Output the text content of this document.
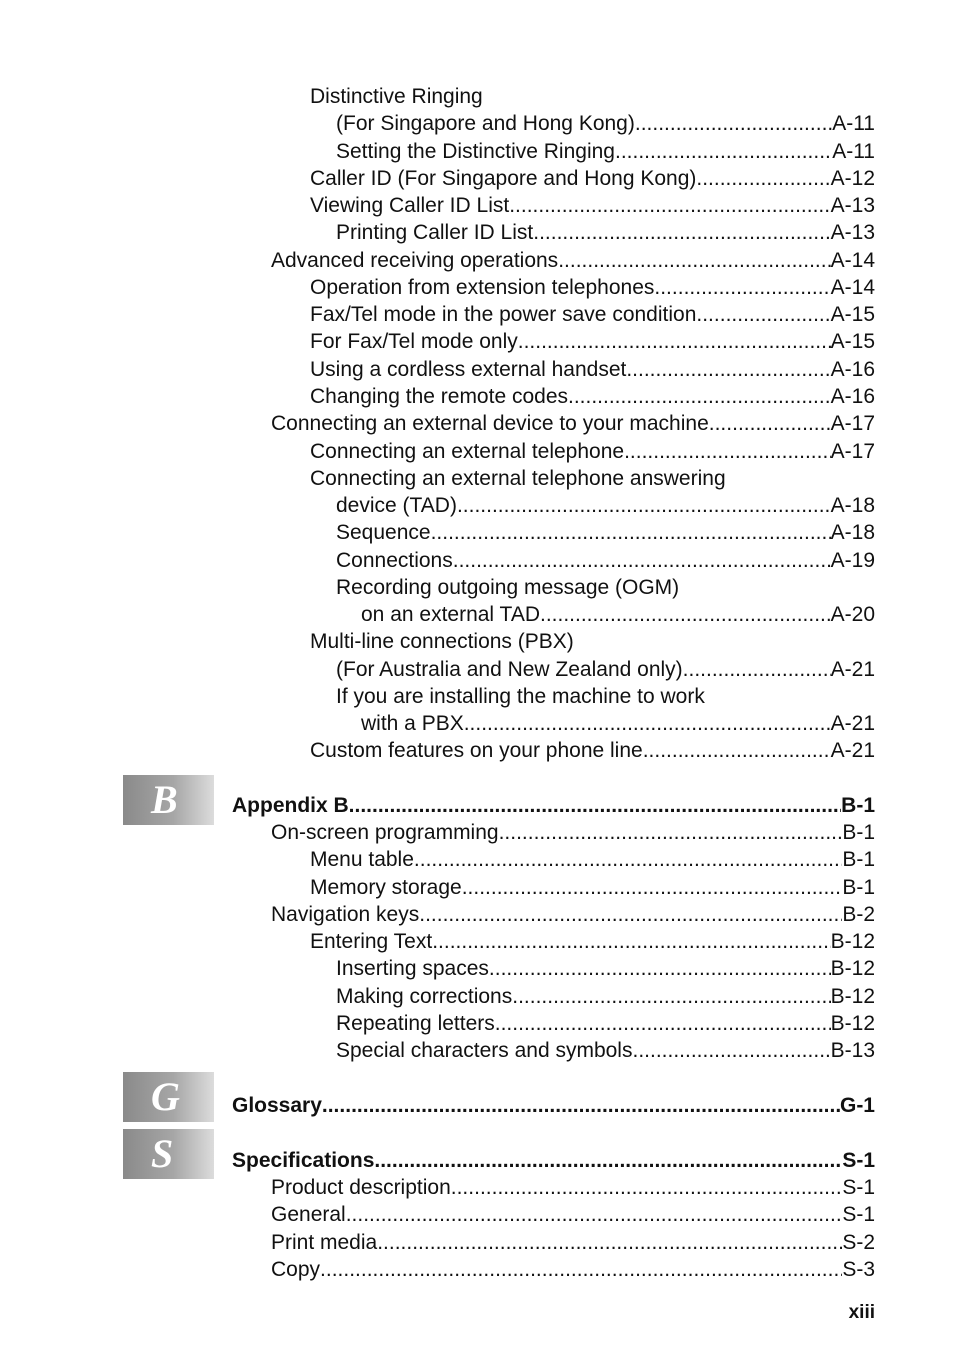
B
G
S
Distinctive Ringing
(For Singapore and Hong Kong) .....	A-11
Setting the Distinctive Ringing .....	A-11
Caller ID (For Singapore and Hong Kong) .....	A-12
Viewing Caller ID List .....	A-13
Printing Caller ID List .....	A-13
Advanced receiving operations .....	A-14
Operation from extension telephones .....	A-14
Fax/Tel mode in the power save condition .....	A-15
For Fax/Tel mode only .....	A-15
Using a cordless external handset .....	A-16
Changing the remote codes .....	A-16
Connecting an external device to your machine .....	A-17
Connecting an external telephone .....	A-17
Connecting an external telephone answering
device (TAD) .....	A-18
Sequence .....	A-18
Connections .....	A-19
Recording outgoing message (OGM)
on an external TAD .....	A-20
Multi-line connections (PBX)
(For Australia and New Zealand only) .....	A-21
If you are installing the machine to work
with a PBX .....	A-21
Custom features on your phone line .....	A-21
Appendix B .....	B-1
On-screen programming .....	B-1
Menu table .....	B-1
Memory storage .....	B-1
Navigation keys .....	B-2
Entering Text .....	B-12
Inserting spaces .....	B-12
Making corrections .....	B-12
Repeating letters .....	B-12
Special characters and symbols .....	B-13
Glossary .....	G-1
Specifications .....	S-1
Product description .....	S-1
General .....	S-1
Print media .....	S-2
Copy .....	S-3
xiii
